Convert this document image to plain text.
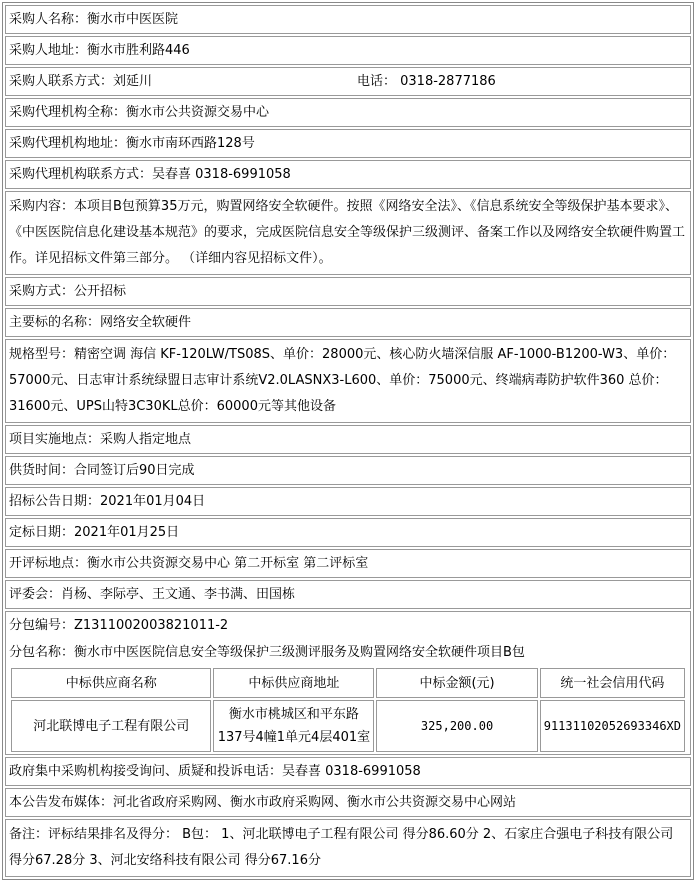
采购人名称：衡水市中医医院
采购人地址：衡水市胜利路446

采购人联系方式：刘延川	电话： 0318-2877186

采购代理机构全称：衡水市公共资源交易中心
采购代理机构地址：衡水市南环西路128号
采购代理机构联系方式：吴春喜 0318-6991058
采购内容：本项目B包预算35万元，购置网络安全软硬件。按照《网络安全法》、《信息系统安全等级保护基本要求》、《中医医院信息化建设基本规范》的要求，完成医院信息安全等级保护三级测评、备案工作以及网络安全软硬件购置工作。详见招标文件第三部分。 （详细内容见招标文件）。
采购方式：公开招标
主要标的名称：网络安全软硬件
规格型号：精密空调 海信 KF-120LW/TS08S、单价：28000元、核心防火墙深信服 AF-1000-B1200-W3、单价：57000元、日志审计系统绿盟日志审计系统V2.0LASNX3-L600、单价：75000元、终端病毒防护软件360 总价：31600元、UPS山特3C30KL总价：60000元等其他设备
项目实施地点：采购人指定地点
供货时间：合同签订后90日完成
招标公告日期：2021年01月04日
定标日期：2021年01月25日
开评标地点：衡水市公共资源交易中心 第二开标室 第二评标室
评委会：肖杨、李际亭、王文通、李书满、田国栋

分包编号：Z1311002003821011-2
分包名称：衡水市中医医院信息安全等级保护三级测评服务及购置网络安全软硬件项目B包
中标供应商名称	中标供应商地址	中标金额(元)	统一社会信用代码
河北联博电子工程有限公司	衡水市桃城区和平东路137号4幢1单元4层401室	325,200.00	91131102052693346XD

政府集中采购机构接受询问、质疑和投诉电话：吴春喜 0318-6991058
本公告发布媒体：河北省政府采购网、衡水市政府采购网、衡水市公共资源交易中心网站
备注：评标结果排名及得分： B包： 1、河北联博电子工程有限公司 得分86.60分 2、石家庄合强电子科技有限公司 得分67.28分 3、河北安络科技有限公司 得分67.16分
